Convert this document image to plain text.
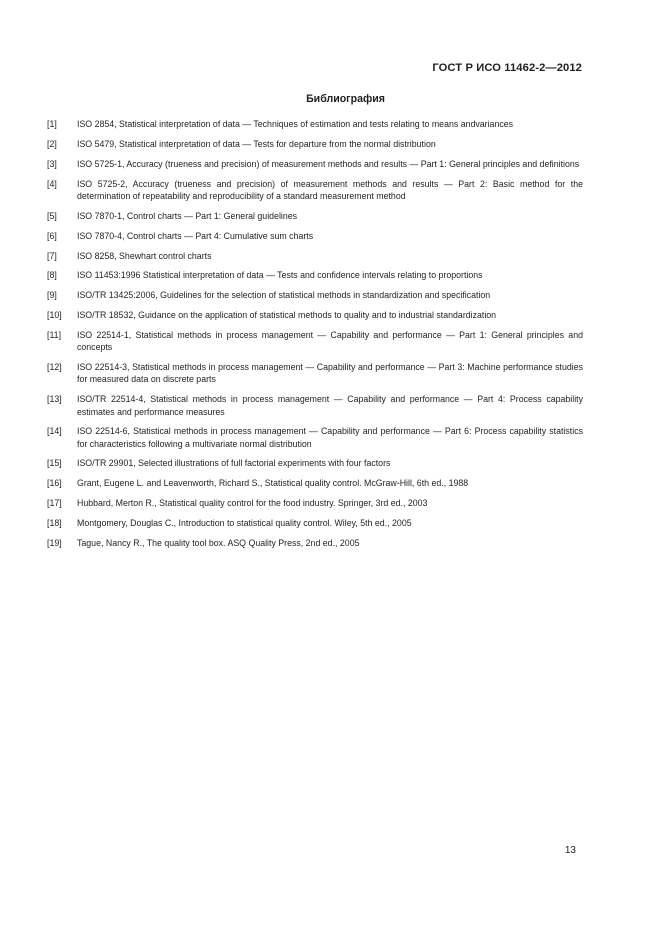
ГОСТ Р ИСО 11462-2—2012
Библиография
[1]	ISO 2854, Statistical interpretation of data — Techniques of estimation and tests relating to means andvariances
[2]	ISO 5479, Statistical interpretation of data — Tests for departure from the normal distribution
[3]	ISO 5725-1, Accuracy (trueness and precision) of measurement methods and results — Part 1: General principles and definitions
[4]	ISO 5725-2, Accuracy (trueness and precision) of measurement methods and results — Part 2: Basic method for the determination of repeatability and reproducibility of a standard measurement method
[5]	ISO 7870-1, Control charts — Part 1: General guidelines
[6]	ISO 7870-4, Control charts — Part 4: Cumulative sum charts
[7]	ISO 8258, Shewhart control charts
[8]	ISO 11453:1996 Statistical interpretation of data — Tests and confidence intervals relating to proportions
[9]	ISO/TR 13425:2006, Guidelines for the selection of statistical methods in standardization and specification
[10]	ISO/TR 18532, Guidance on the application of statistical methods to quality and to industrial standardization
[11]	ISO 22514-1, Statistical methods in process management — Capability and performance — Part 1: General principles and concepts
[12]	ISO 22514-3, Statistical methods in process management — Capability and performance — Part 3: Machine performance studies for measured data on discrete parts
[13]	ISO/TR 22514-4, Statistical methods in process management — Capability and performance — Part 4: Process capability estimates and performance measures
[14]	ISO 22514-6, Statistical methods in process management — Capability and performance — Part 6: Process capability statistics for characteristics following a multivariate normal distribution
[15]	ISO/TR 29901, Selected illustrations of full factorial experiments with four factors
[16]	Grant, Eugene L. and Leavenworth, Richard S., Statistical quality control. McGraw-Hill, 6th ed., 1988
[17]	Hubbard, Merton R., Statistical quality control for the food industry. Springer, 3rd ed., 2003
[18]	Montgomery, Douglas C., Introduction to statistical quality control. Wiley, 5th ed., 2005
[19]	Tague, Nancy R., The quality tool box. ASQ Quality Press, 2nd ed., 2005
13
